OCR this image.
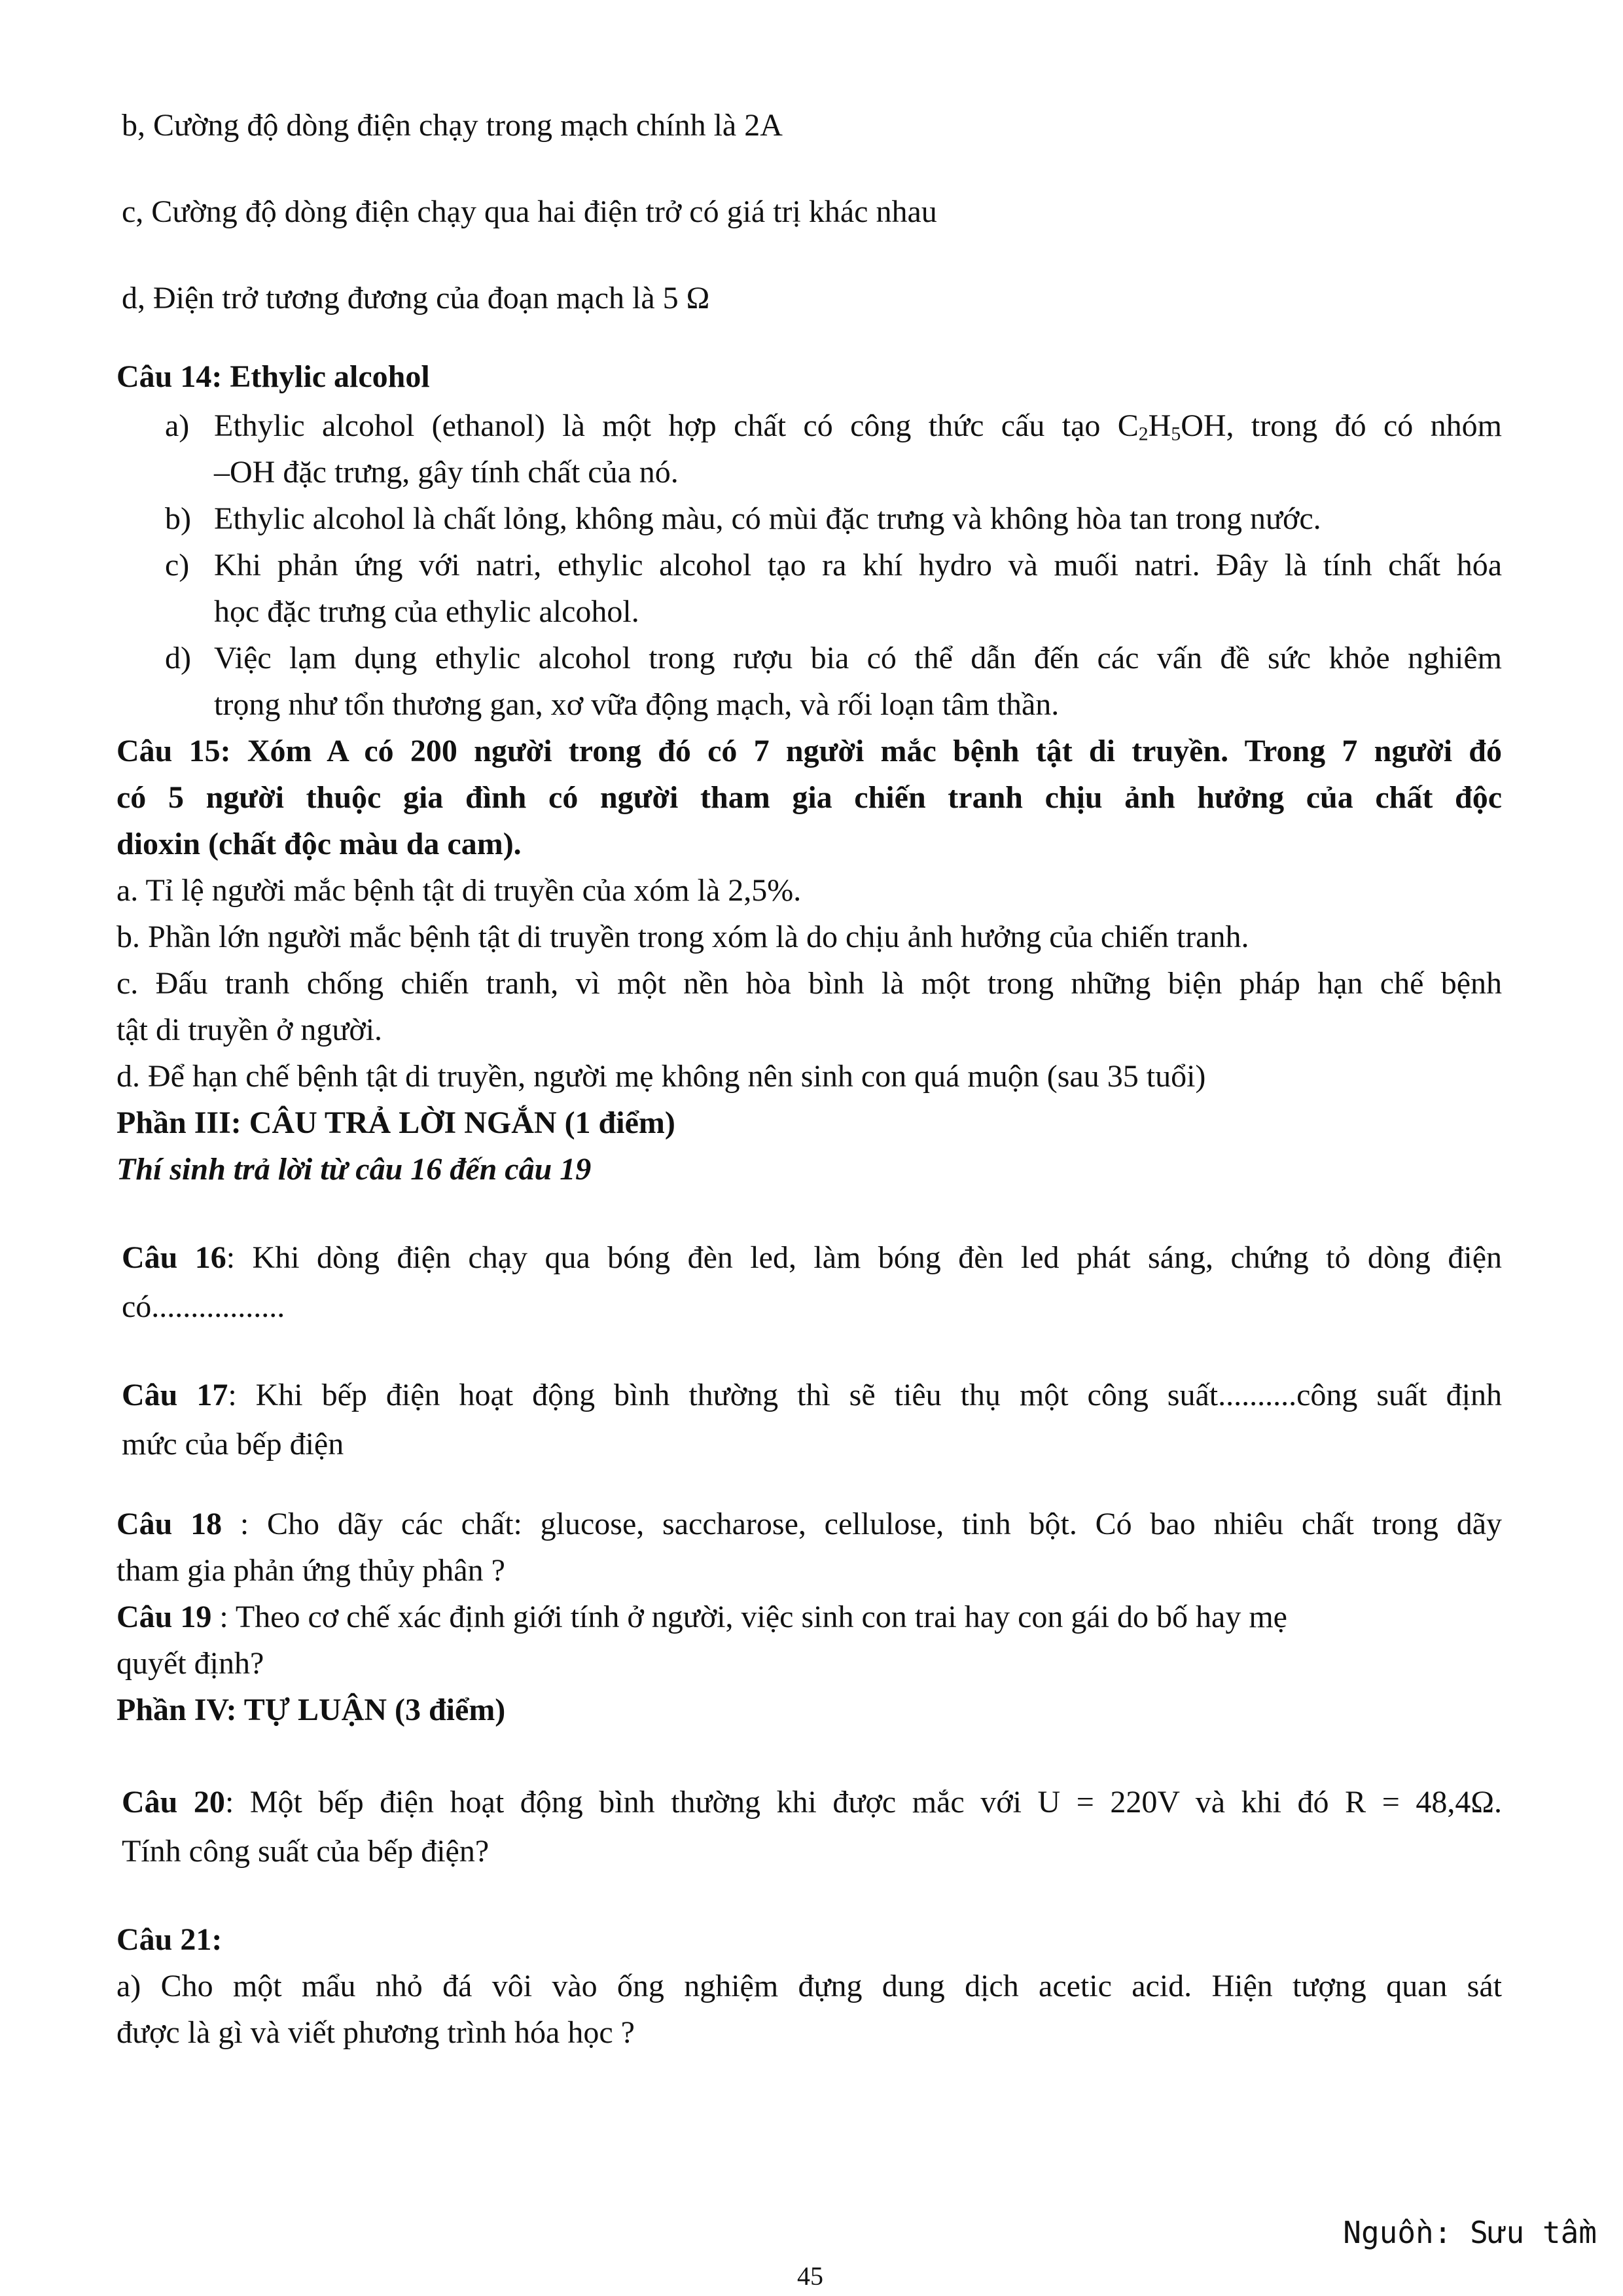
b, Cường độ dòng điện chạy trong mạch chính là 2A
c, Cường độ dòng điện chạy qua hai điện trở có giá trị khác nhau
d, Điện trở tương đương của đoạn mạch là 5 Ω
Câu 14: Ethylic alcohol
a) Ethylic alcohol (ethanol) là một hợp chất có công thức cấu tạo $C_2H_5OH$, trong đó có nhóm
–OH đặc trưng, gây tính chất của nó.
b) Ethylic alcohol là chất lỏng, không màu, có mùi đặc trưng và không hòa tan trong nước.
c) Khi phản ứng với natri, ethylic alcohol tạo ra khí hydro và muối natri. Đây là tính chất hóa
học đặc trưng của ethylic alcohol.
d) Việc lạm dụng ethylic alcohol trong rượu bia có thể dẫn đến các vấn đề sức khỏe nghiêm
trọng như tổn thương gan, xơ vữa động mạch, và rối loạn tâm thần.
Câu 15: Xóm A có 200 người trong đó có 7 người mắc bệnh tật di truyền. Trong 7 người đó
có 5 người thuộc gia đình có người tham gia chiến tranh chịu ảnh hưởng của chất độc
dioxin (chất độc màu da cam).
a. Tỉ lệ người mắc bệnh tật di truyền của xóm là 2,5%.
b. Phần lớn người mắc bệnh tật di truyền trong xóm là do chịu ảnh hưởng của chiến tranh.
c. Đấu tranh chống chiến tranh, vì một nền hòa bình là một trong những biện pháp hạn chế bệnh
tật di truyền ở người.
d. Để hạn chế bệnh tật di truyền, người mẹ không nên sinh con quá muộn (sau 35 tuổi)
Phần III: CÂU TRẢ LỜI NGẮN (1 điểm)
Thí sinh trả lời từ câu 16 đến câu 19
Câu 16: Khi dòng điện chạy qua bóng đèn led, làm bóng đèn led phát sáng, chứng tỏ dòng điện
có.................
Câu 17: Khi bếp điện hoạt động bình thường thì sẽ tiêu thụ một công suất..........công suất định
mức của bếp điện
Câu 18 : Cho dãy các chất: glucose, saccharose, cellulose, tinh bột. Có bao nhiêu chất trong dãy
tham gia phản ứng thủy phân ?
Câu 19 : Theo cơ chế xác định giới tính ở người, việc sinh con trai hay con gái do bố hay mẹ
quyết định?
Phần IV: TỰ LUẬN (3 điểm)
Câu 20: Một bếp điện hoạt động bình thường khi được mắc với U = 220V và khi đó R = 48,4Ω.
Tính công suất của bếp điện?
Câu 21:
a) Cho một mẩu nhỏ đá vôi vào ống nghiệm đựng dung dịch acetic acid. Hiện tượng quan sát
được là gì và viết phương trình hóa học ?
Nguồn: Sưu tầm
45
